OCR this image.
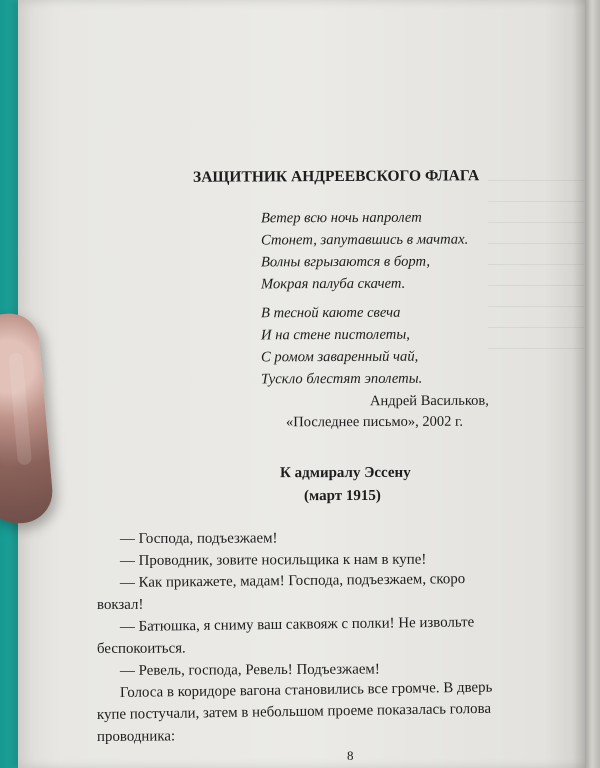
ЗАЩИТНИК АНДРЕЕВСКОГО ФЛАГА
Ветер всю ночь напролет
Стонет, запутавшись в мачтах.
Волны вгрызаются в борт,
Мокрая палуба скачет.
В тесной каюте свеча
И на стене пистолеты,
С ромом заваренный чай,
Тускло блестят эполеты.
Андрей Васильков,
«Последнее письмо», 2002 г.
К адмиралу Эссену
(март 1915)
— Господа, подъезжаем!
— Проводник, зовите носильщика к нам в купе!
— Как прикажете, мадам! Господа, подъезжаем, скоро
вокзал!
— Батюшка, я сниму ваш саквояж с полки! Не извольте
беспокоиться.
— Ревель, господа, Ревель! Подъезжаем!
Голоса в коридоре вагона становились все громче. В дверь
купе постучали, затем в небольшом проеме показалась голова
проводника:
8
